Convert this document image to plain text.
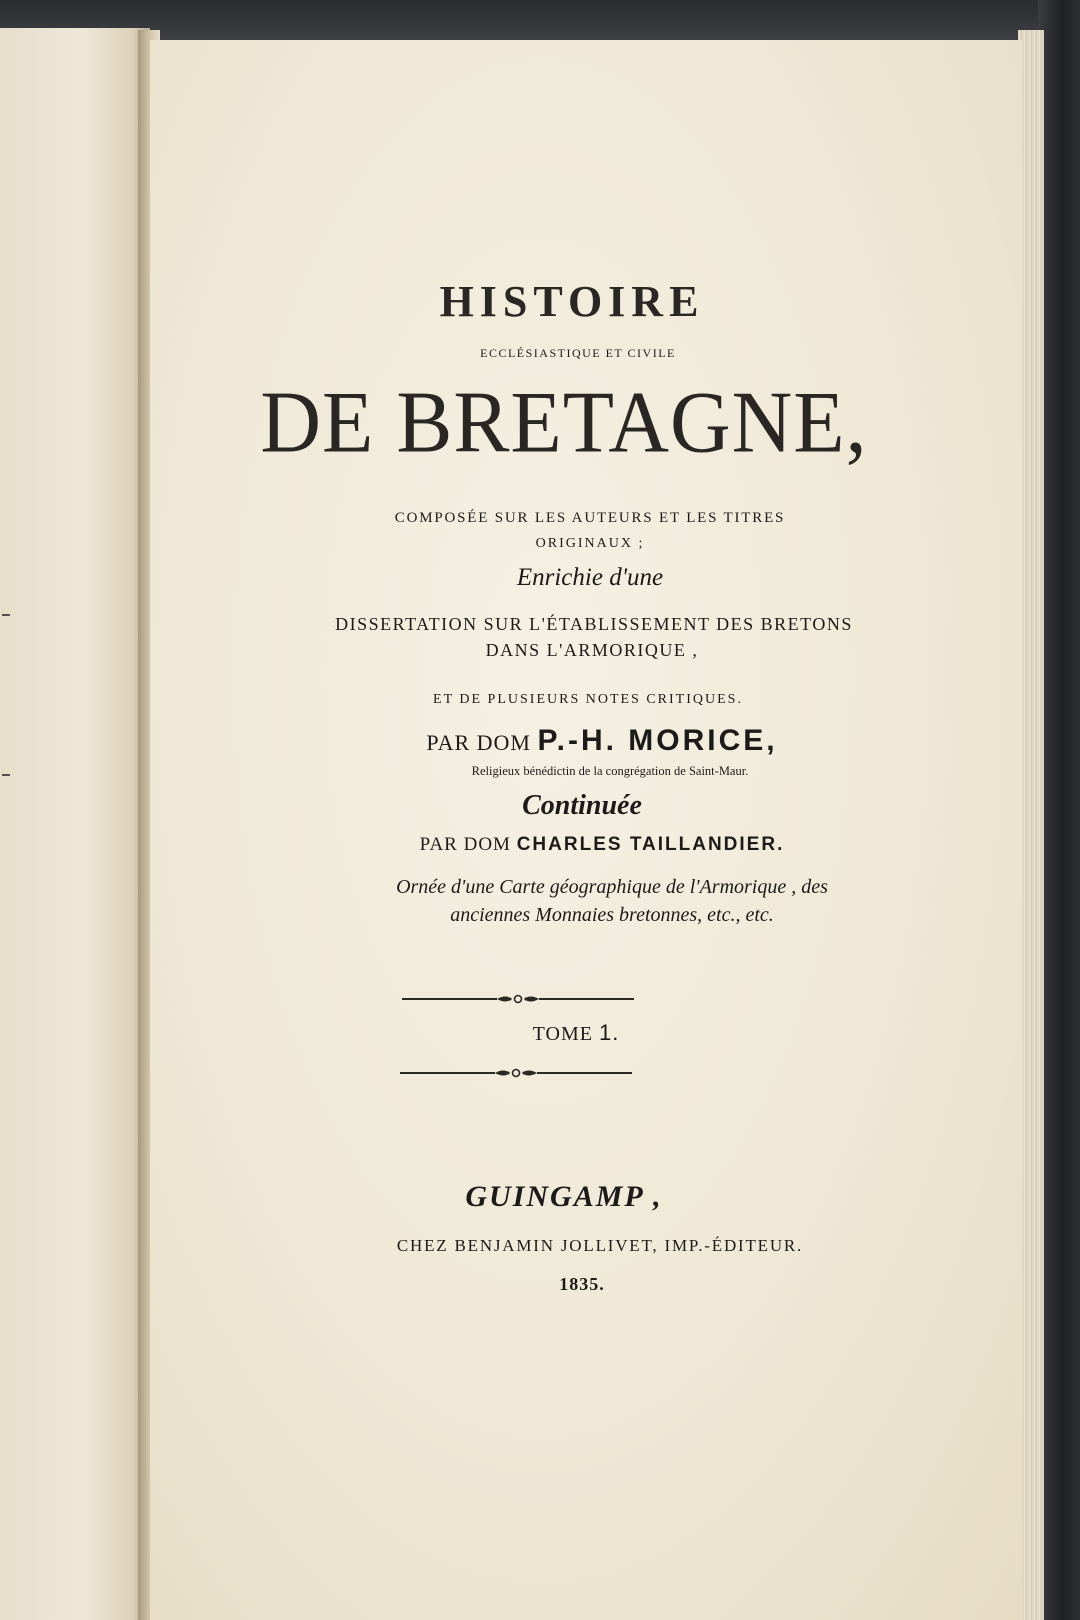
HISTOIRE
ECCLÉSIASTIQUE ET CIVILE
DE BRETAGNE,
COMPOSÉE SUR LES AUTEURS ET LES TITRES
ORIGINAUX ;
Enrichie d'une
DISSERTATION SUR L'ÉTABLISSEMENT DES BRETONS
DANS L'ARMORIQUE ,
ET DE PLUSIEURS NOTES CRITIQUES.
PAR DOM P.-H. MORICE,
Religieux bénédictin de la congrégation de Saint-Maur.
Continuée
PAR DOM CHARLES TAILLANDIER.
Ornée d'une Carte géographique de l'Armorique , des
anciennes Monnaies bretonnes, etc., etc.
TOME 1.
GUINGAMP ,
CHEZ BENJAMIN JOLLIVET, IMP.-ÉDITEUR.
1835.
